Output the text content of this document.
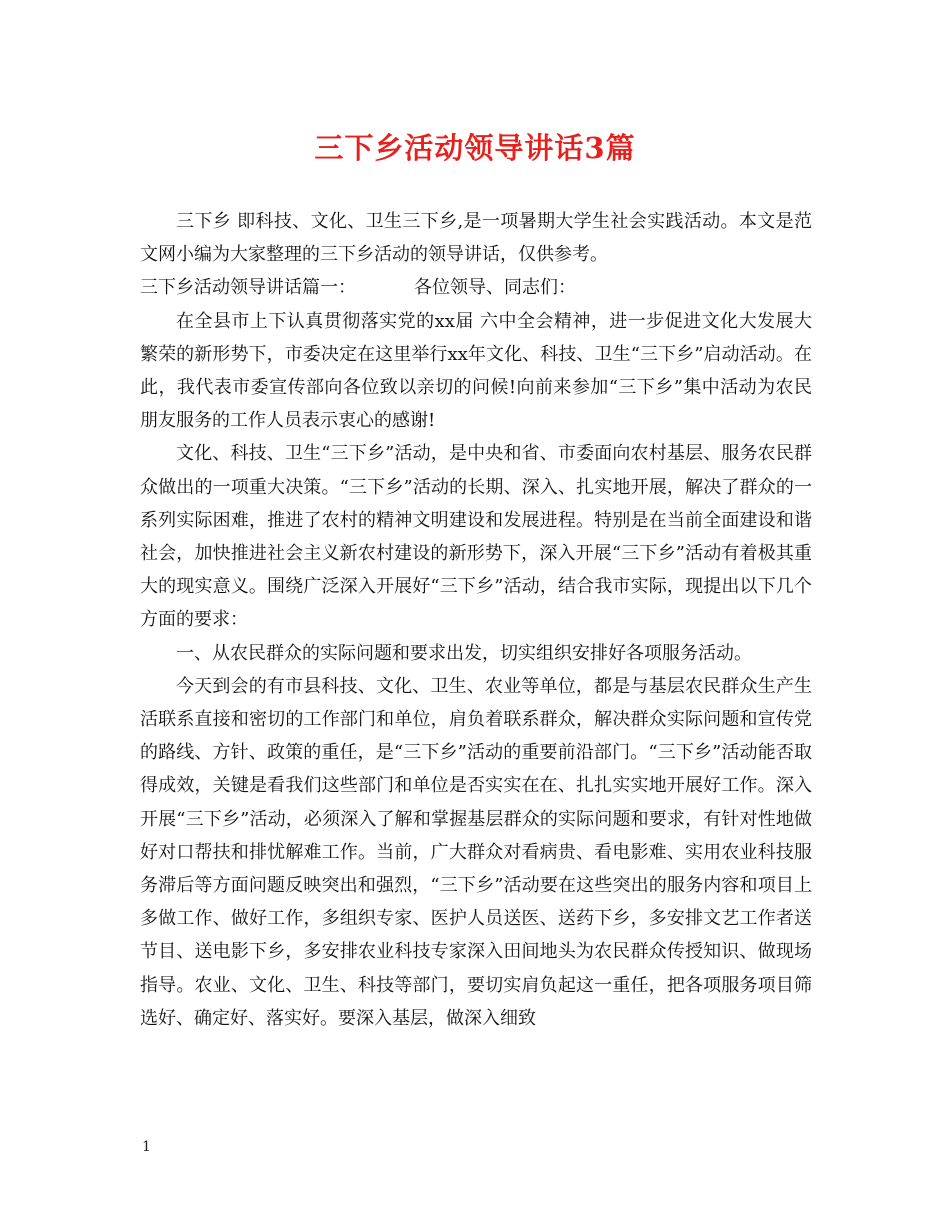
三下乡活动领导讲话3篇

三下乡 即科技、文化、卫生三下乡,是一项暑期大学生社会实践活动。本文是范文网小编为大家整理的三下乡活动的领导讲话，仅供参考。

三下乡活动领导讲话篇一：	各位领导、同志们：

在全县市上下认真贯彻落实党的xx届 六中全会精神，进一步促进文化大发展大繁荣的新形势下，市委决定在这里举行xx年文化、科技、卫生“三下乡”启动活动。在此，我代表市委宣传部向各位致以亲切的问候!向前来参加“三下乡”集中活动为农民朋友服务的工作人员表示衷心的感谢!

文化、科技、卫生“三下乡”活动，是中央和省、市委面向农村基层、服务农民群众做出的一项重大决策。“三下乡”活动的长期、深入、扎实地开展，解决了群众的一系列实际困难，推进了农村的精神文明建设和发展进程。特别是在当前全面建设和谐社会，加快推进社会主义新农村建设的新形势下，深入开展“三下乡”活动有着极其重大的现实意义。围绕广泛深入开展好“三下乡”活动，结合我市实际，现提出以下几个方面的要求：

一、从农民群众的实际问题和要求出发，切实组织安排好各项服务活动。

今天到会的有市县科技、文化、卫生、农业等单位，都是与基层农民群众生产生活联系直接和密切的工作部门和单位，肩负着联系群众，解决群众实际问题和宣传党的路线、方针、政策的重任，是“三下乡”活动的重要前沿部门。“三下乡”活动能否取得成效，关键是看我们这些部门和单位是否实实在在、扎扎实实地开展好工作。深入开展“三下乡”活动，必须深入了解和掌握基层群众的实际问题和要求，有针对性地做好对口帮扶和排忧解难工作。当前，广大群众对看病贵、看电影难、实用农业科技服务滞后等方面问题反映突出和强烈，“三下乡”活动要在这些突出的服务内容和项目上多做工作、做好工作，多组织专家、医护人员送医、送药下乡，多安排文艺工作者送节目、送电影下乡，多安排农业科技专家深入田间地头为农民群众传授知识、做现场指导。农业、文化、卫生、科技等部门，要切实肩负起这一重任，把各项服务项目筛选好、确定好、落实好。要深入基层，做深入细致

1
